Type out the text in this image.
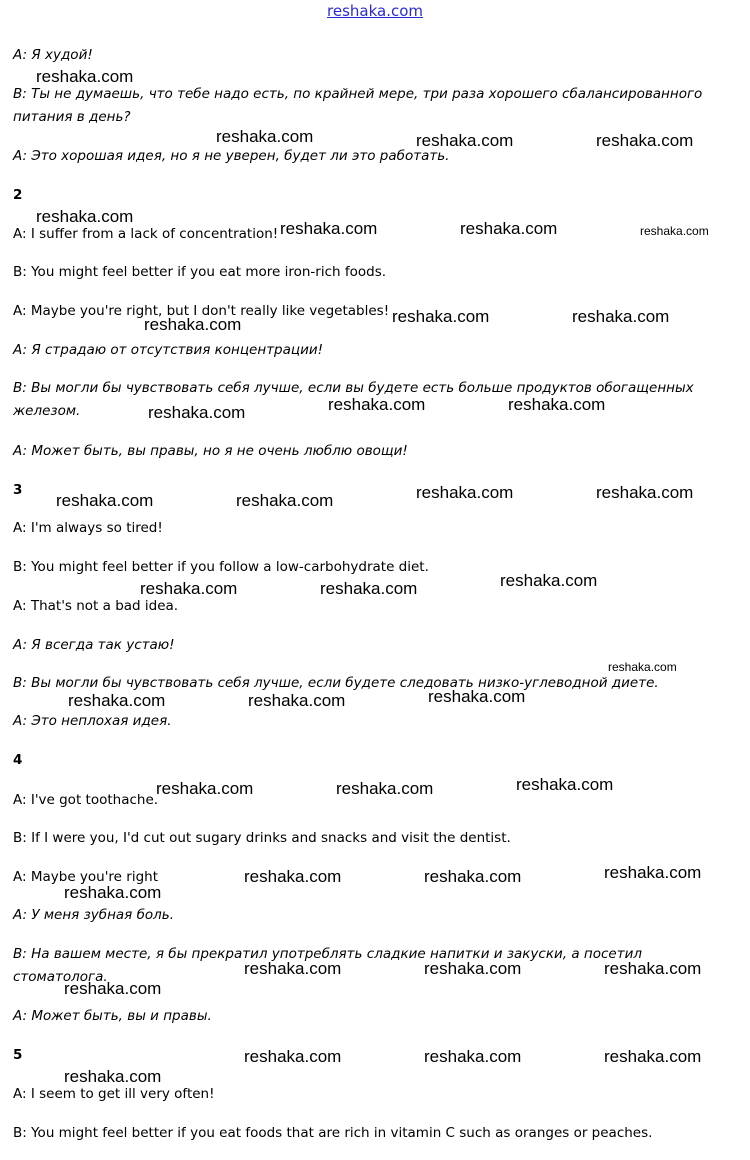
reshaka.com
A: Я худой!
B: Ты не думаешь, что тебе надо есть, по крайней мере, три раза хорошего сбалансированного питания в день?
A: Это хорошая идея, но я не уверен, будет ли это работать.
2
A: I suffer from a lack of concentration!
B: You might feel better if you eat more iron-rich foods.
A: Maybe you're right, but I don't really like vegetables!
A: Я страдаю от отсутствия концентрации!
B: Вы могли бы чувствовать себя лучше, если вы будете есть больше продуктов обогащенных железом.
A: Может быть, вы правы, но я не очень люблю овощи!
3
A: I'm always so tired!
B: You might feel better if you follow a low-carbohydrate diet.
A: That's not a bad idea.
A: Я всегда так устаю!
B: Вы могли бы чувствовать себя лучше, если будете следовать низко-углеводной диете.
A: Это неплохая идея.
4
A: I've got toothache.
B: If I were you, I'd cut out sugary drinks and snacks and visit the dentist.
A: Maybe you're right
A: У меня зубная боль.
B: На вашем месте, я бы прекратил употреблять сладкие напитки и закуски, а посетил стоматолога.
A: Может быть, вы и правы.
5
A: I seem to get ill very often!
B: You might feel better if you eat foods that are rich in vitamin C such as oranges or peaches.
reshaka.com
reshaka.com	reshaka.com	reshaka.com
reshaka.com
reshaka.com	reshaka.com	reshaka.com
reshaka.com	reshaka.com	reshaka.com
reshaka.com	reshaka.com	reshaka.com
reshaka.com	reshaka.com	reshaka.com	reshaka.com
reshaka.com	reshaka.com	reshaka.com
reshaka.com
reshaka.com	reshaka.com	reshaka.com
reshaka.com	reshaka.com	reshaka.com
reshaka.com
reshaka.com	reshaka.com	reshaka.com
reshaka.com	reshaka.com	reshaka.com
reshaka.com
reshaka.com	reshaka.com	reshaka.com
reshaka.com
